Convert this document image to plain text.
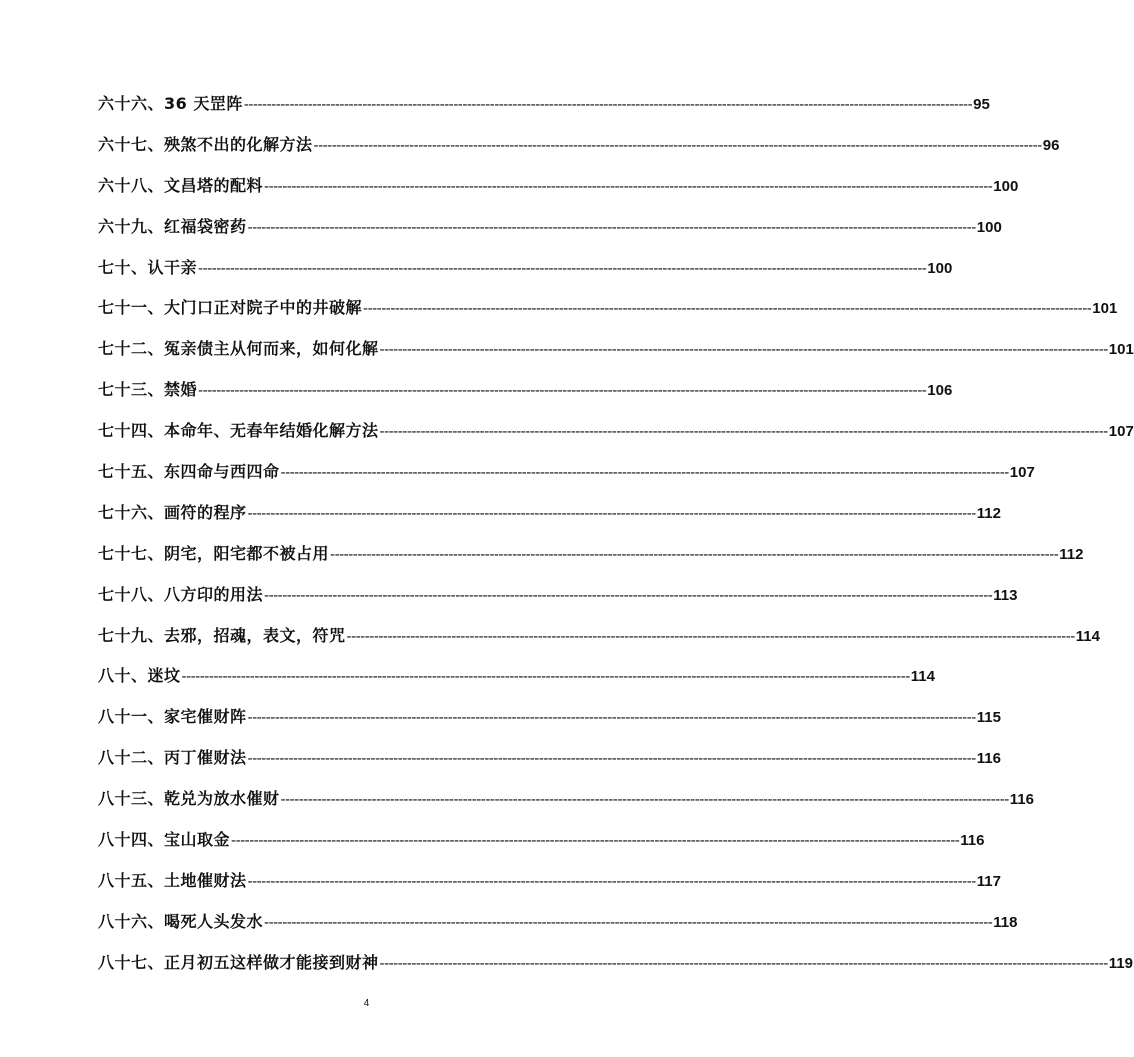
六十六、36 天罡阵 ---------------------------------------------------------------------------------------------------------------------------------------------------------------- 95
六十七、殃煞不出的化解方法 ---------------------------------------------------------------------------------------------------------------------------------------------------------------- 96
六十八、文昌塔的配料 ---------------------------------------------------------------------------------------------------------------------------------------------------------------- 100
六十九、红福袋密药 ---------------------------------------------------------------------------------------------------------------------------------------------------------------- 100
七十、认干亲 ---------------------------------------------------------------------------------------------------------------------------------------------------------------- 100
七十一、大门口正对院子中的井破解 ---------------------------------------------------------------------------------------------------------------------------------------------------------------- 101
七十二、冤亲债主从何而来，如何化解 ---------------------------------------------------------------------------------------------------------------------------------------------------------------- 101
七十三、禁婚 ---------------------------------------------------------------------------------------------------------------------------------------------------------------- 106
七十四、本命年、无春年结婚化解方法 ---------------------------------------------------------------------------------------------------------------------------------------------------------------- 107
七十五、东四命与西四命 ---------------------------------------------------------------------------------------------------------------------------------------------------------------- 107
七十六、画符的程序 ---------------------------------------------------------------------------------------------------------------------------------------------------------------- 112
七十七、阴宅，阳宅都不被占用 ---------------------------------------------------------------------------------------------------------------------------------------------------------------- 112
七十八、八方印的用法 ---------------------------------------------------------------------------------------------------------------------------------------------------------------- 113
七十九、去邪，招魂，表文，符咒 ---------------------------------------------------------------------------------------------------------------------------------------------------------------- 114
八十、迷坟 ---------------------------------------------------------------------------------------------------------------------------------------------------------------- 114
八十一、家宅催财阵 ---------------------------------------------------------------------------------------------------------------------------------------------------------------- 115
八十二、丙丁催财法 ---------------------------------------------------------------------------------------------------------------------------------------------------------------- 116
八十三、乾兑为放水催财 ---------------------------------------------------------------------------------------------------------------------------------------------------------------- 116
八十四、宝山取金 ---------------------------------------------------------------------------------------------------------------------------------------------------------------- 116
八十五、土地催财法 ---------------------------------------------------------------------------------------------------------------------------------------------------------------- 117
八十六、喝死人头发水 ---------------------------------------------------------------------------------------------------------------------------------------------------------------- 118
八十七、正月初五这样做才能接到财神 ---------------------------------------------------------------------------------------------------------------------------------------------------------------- 119
4
